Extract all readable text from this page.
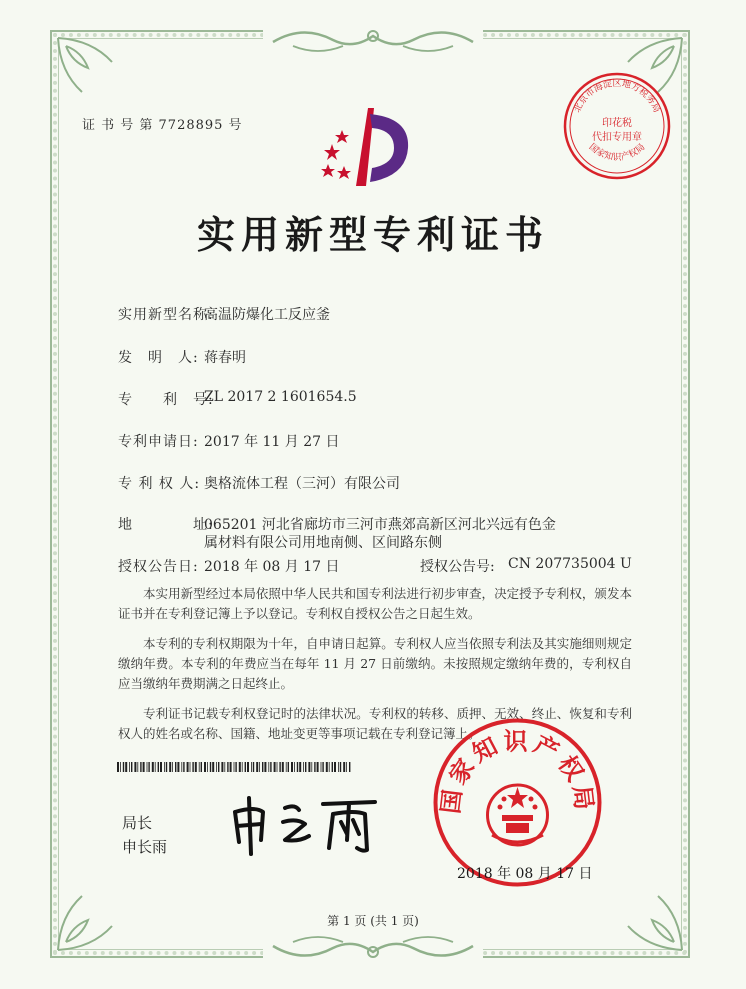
证 书 号 第 7728895 号
北京市海淀区地方税务局
国家知识产权局
印花税
代扣专用章
实用新型专利证书
实用新型名称:
高温防爆化工反应釜
发　明　人: 蒋春明
专　　利　号:
ZL 2017 2 1601654.5
专利申请日: 2017 年 11 月 27 日
专 利 权 人: 奥格流体工程（三河）有限公司
地　　　　址:
065201 河北省廊坊市三河市燕郊高新区河北兴远有色金
属材料有限公司用地南侧、区间路东侧
授权公告日: 2018 年 08 月 17 日	授权公告号: CN 207735004 U

本实用新型经过本局依照中华人民共和国专利法进行初步审查，决定授予专利权，颁发本证书并在专利登记簿上予以登记。专利权自授权公告之日起生效。

本专利的专利权期限为十年，自申请日起算。专利权人应当依照专利法及其实施细则规定缴纳年费。本专利的年费应当在每年 11 月 27 日前缴纳。未按照规定缴纳年费的，专利权自应当缴纳年费期满之日起终止。

专利证书记载专利权登记时的法律状况。专利权的转移、质押、无效、终止、恢复和专利权人的姓名或名称、国籍、地址变更等事项记载在专利登记簿上。

局长
申长雨
国家知识产权局
2018 年 08 月 17 日
第 1 页 (共 1 页)
